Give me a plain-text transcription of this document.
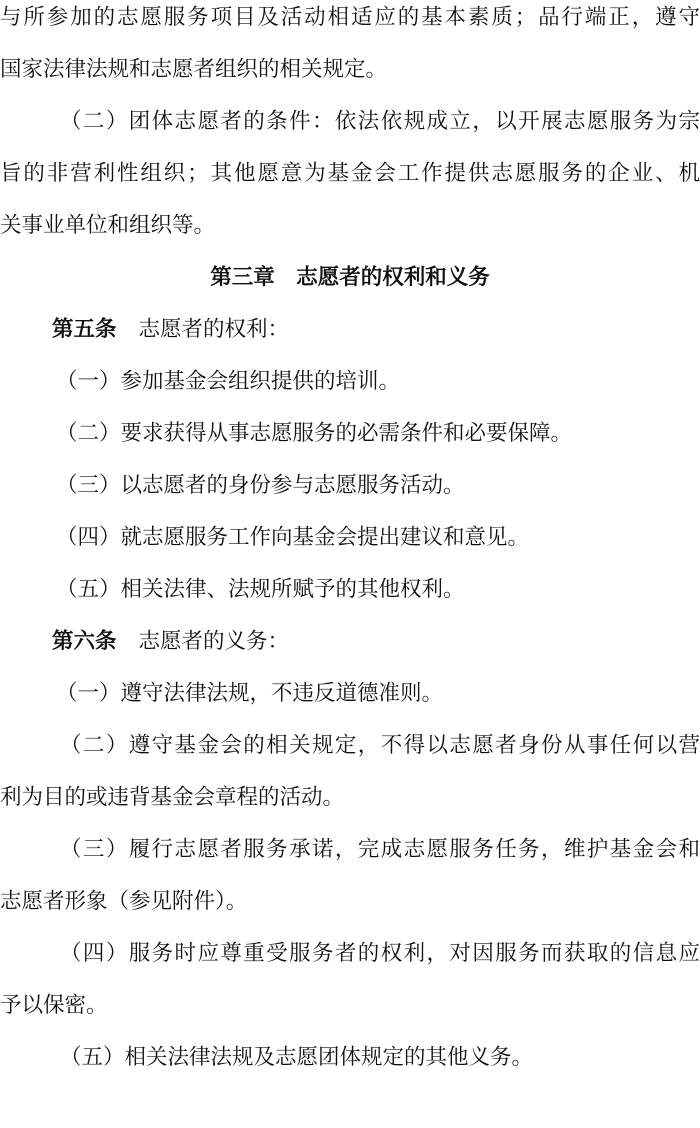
与所参加的志愿服务项目及活动相适应的基本素质；品行端正，遵守
国家法律法规和志愿者组织的相关规定。
（二）团体志愿者的条件：依法依规成立，以开展志愿服务为宗
旨的非营利性组织；其他愿意为基金会工作提供志愿服务的企业、机
关事业单位和组织等。
第三章　志愿者的权利和义务
第五条 志愿者的权利：
（一）参加基金会组织提供的培训。
（二）要求获得从事志愿服务的必需条件和必要保障。
（三）以志愿者的身份参与志愿服务活动。
（四）就志愿服务工作向基金会提出建议和意见。
（五）相关法律、法规所赋予的其他权利。
第六条 志愿者的义务：
（一）遵守法律法规，不违反道德准则。
（二）遵守基金会的相关规定，不得以志愿者身份从事任何以营
利为目的或违背基金会章程的活动。
（三）履行志愿者服务承诺，完成志愿服务任务，维护基金会和
志愿者形象（参见附件）。
（四）服务时应尊重受服务者的权利，对因服务而获取的信息应
予以保密。
（五）相关法律法规及志愿团体规定的其他义务。
